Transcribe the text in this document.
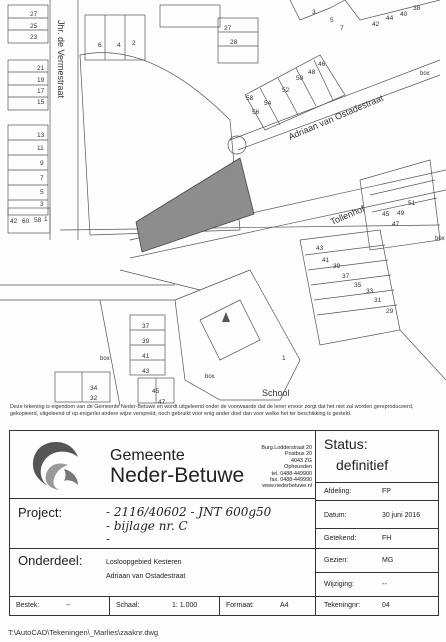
Jhr. de Vermestraat
Adriaan van Ostadestraat
Tollenhof
School
box
box
box
box
27
25
23
21
19
17
15
13
11
9
7
5
3
42 60 58 1
6 4 2
27
28
3
5
7
42
44
40
38
46
48
50
52
54
56
58
51
49
47
45
43
41
39
37
35
33
31
29
37
39
41
43
34
32
45
47
1
Deze tekening is eigendom van de Gemeente Neder-Betuwe en wordt uitgeleend onder de voorwaarde dat de lener ervoor zorgt dat het niet zal worden gereproduceerd, gekopieerd, uitgeleend of op enigerlei andere wijze verspreid, noch gebruikt voor enig ander doel dan voor welke het ter beschikking is gesteld.
Gemeente
Neder-Betuwe
Burg.Lodderstraat 20
Postbus 20
4043 ZG
Opheusden
tel. 0488-449900
fax. 0488-449990
www.nederbetuwe.nl
Status:
definitief
Afdeling:	FP
Project:	- 2116/40602 - JNT 600g50
- bijlage nr. C
-
Datum:	30 juni 2016
Getekend:	FH
Onderdeel:	Losloopgebied Kesteren
Adriaan van Ostadestraat
Gezien:	MG
Wijziging:	--
Bestek:	--	Schaal:	1: 1.000	Formaat:	A4	Tekeningnr:	04
T:\AutoCAD\Tekeningen\_Marlies\zaaknr.dwg
